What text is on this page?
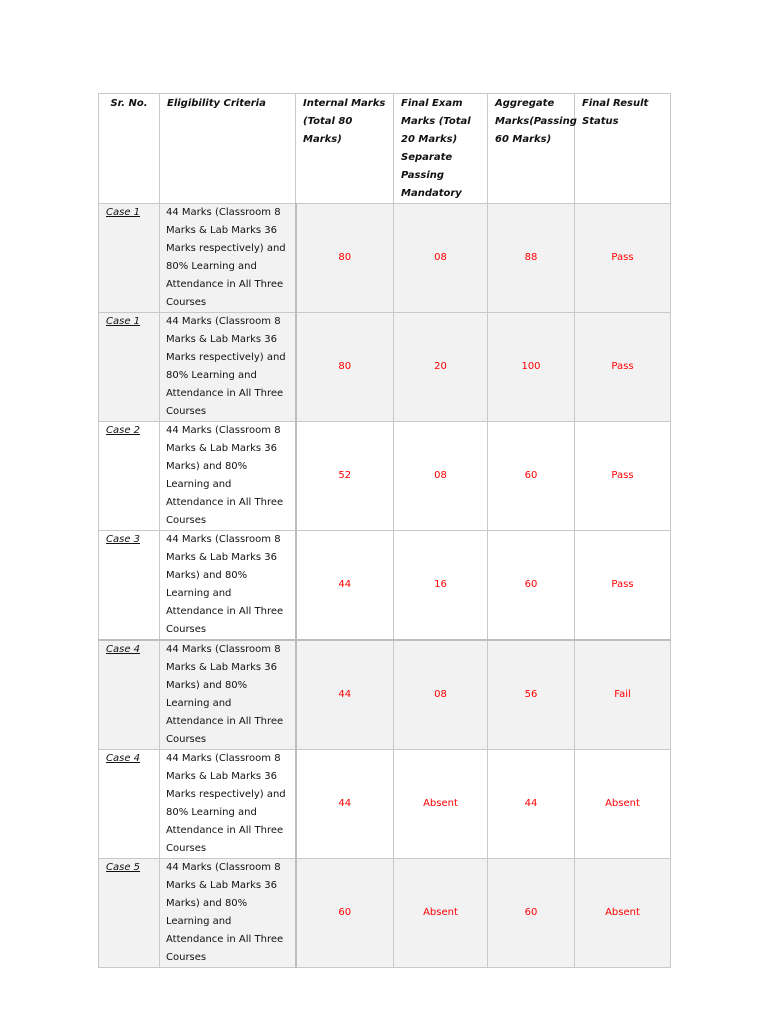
Sr. No.	Eligibility Criteria	Internal Marks (Total 80 Marks)	Final Exam Marks (Total 20 Marks) Separate Passing Mandatory	Aggregate Marks(Passing 60 Marks)	Final Result Status
Case 1	44 Marks (Classroom 8 Marks & Lab Marks 36 Marks respectively) and 80% Learning and Attendance in All Three Courses	80	08	88	Pass
Case 1	44 Marks (Classroom 8 Marks & Lab Marks 36 Marks respectively) and 80% Learning and Attendance in All Three Courses	80	20	100	Pass
Case 2	44 Marks (Classroom 8 Marks & Lab Marks 36 Marks) and 80% Learning and Attendance in All Three Courses	52	08	60	Pass
Case 3	44 Marks (Classroom 8 Marks & Lab Marks 36 Marks) and 80% Learning and Attendance in All Three Courses	44	16	60	Pass
Case 4	44 Marks (Classroom 8 Marks & Lab Marks 36 Marks) and 80% Learning and Attendance in All Three Courses	44	08	56	Fail
Case 4	44 Marks (Classroom 8 Marks & Lab Marks 36 Marks respectively) and 80% Learning and Attendance in All Three Courses	44	Absent	44	Absent
Case 5	44 Marks (Classroom 8 Marks & Lab Marks 36 Marks) and 80% Learning and Attendance in All Three Courses	60	Absent	60	Absent
